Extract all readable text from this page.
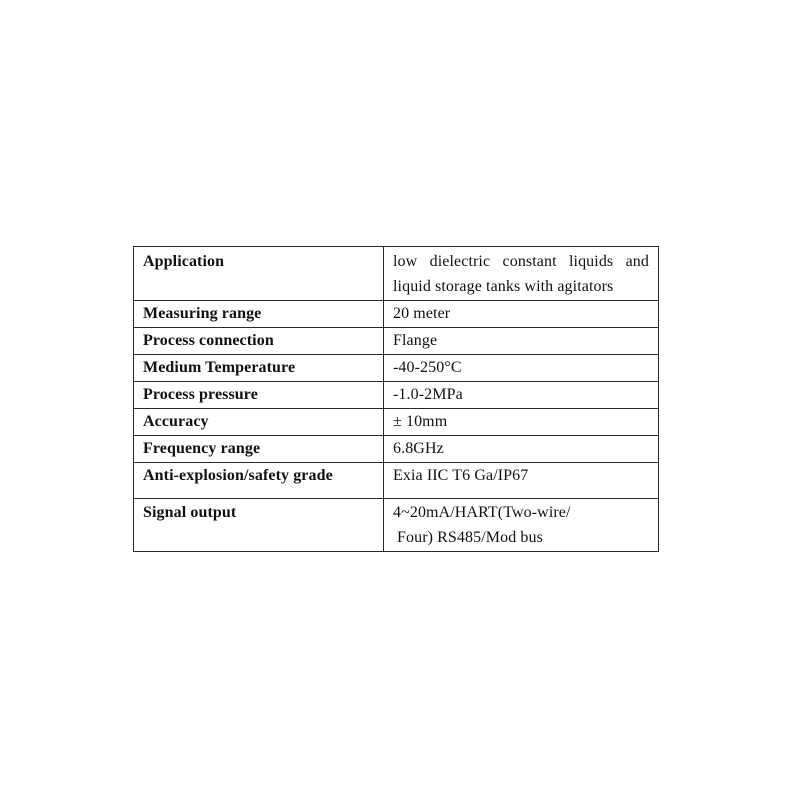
Application	low dielectric constant liquids and liquid storage tanks with agitators
Measuring range	20 meter
Process connection	Flange
Medium Temperature	-40-250°C
Process pressure	-1.0-2MPa
Accuracy	± 10mm
Frequency range	6.8GHz
Anti-explosion/safety grade	Exia IIC T6 Ga/IP67
Signal output	4~20mA/HART(Two-wire/
Four) RS485/Mod bus
